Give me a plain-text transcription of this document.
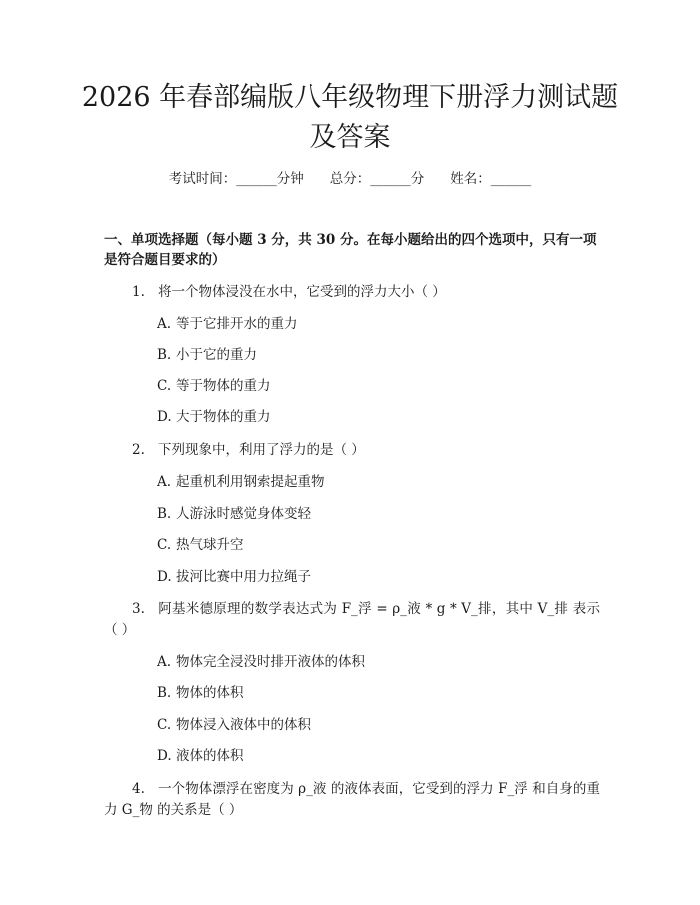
2026 年春部编版八年级物理下册浮力测试题
及答案
考试时间：______分钟 总分：______分 姓名：______
一、单项选择题（每小题 3 分，共 30 分。在每小题给出的四个选项中，只有一项是符合题目要求的）
1. 将一个物体浸没在水中，它受到的浮力大小（ ）
A. 等于它排开水的重力
B. 小于它的重力
C. 等于物体的重力
D. 大于物体的重力
2. 下列现象中，利用了浮力的是（ ）
A. 起重机利用钢索提起重物
B. 人游泳时感觉身体变轻
C. 热气球升空
D. 拔河比赛中用力拉绳子
3. 阿基米德原理的数学表达式为 F_浮 = ρ_液 * g * V_排，其中 V_排 表示（ ）
A. 物体完全浸没时排开液体的体积
B. 物体的体积
C. 物体浸入液体中的体积
D. 液体的体积
4. 一个物体漂浮在密度为 ρ_液 的液体表面，它受到的浮力 F_浮 和自身的重力 G_物 的关系是（ ）
